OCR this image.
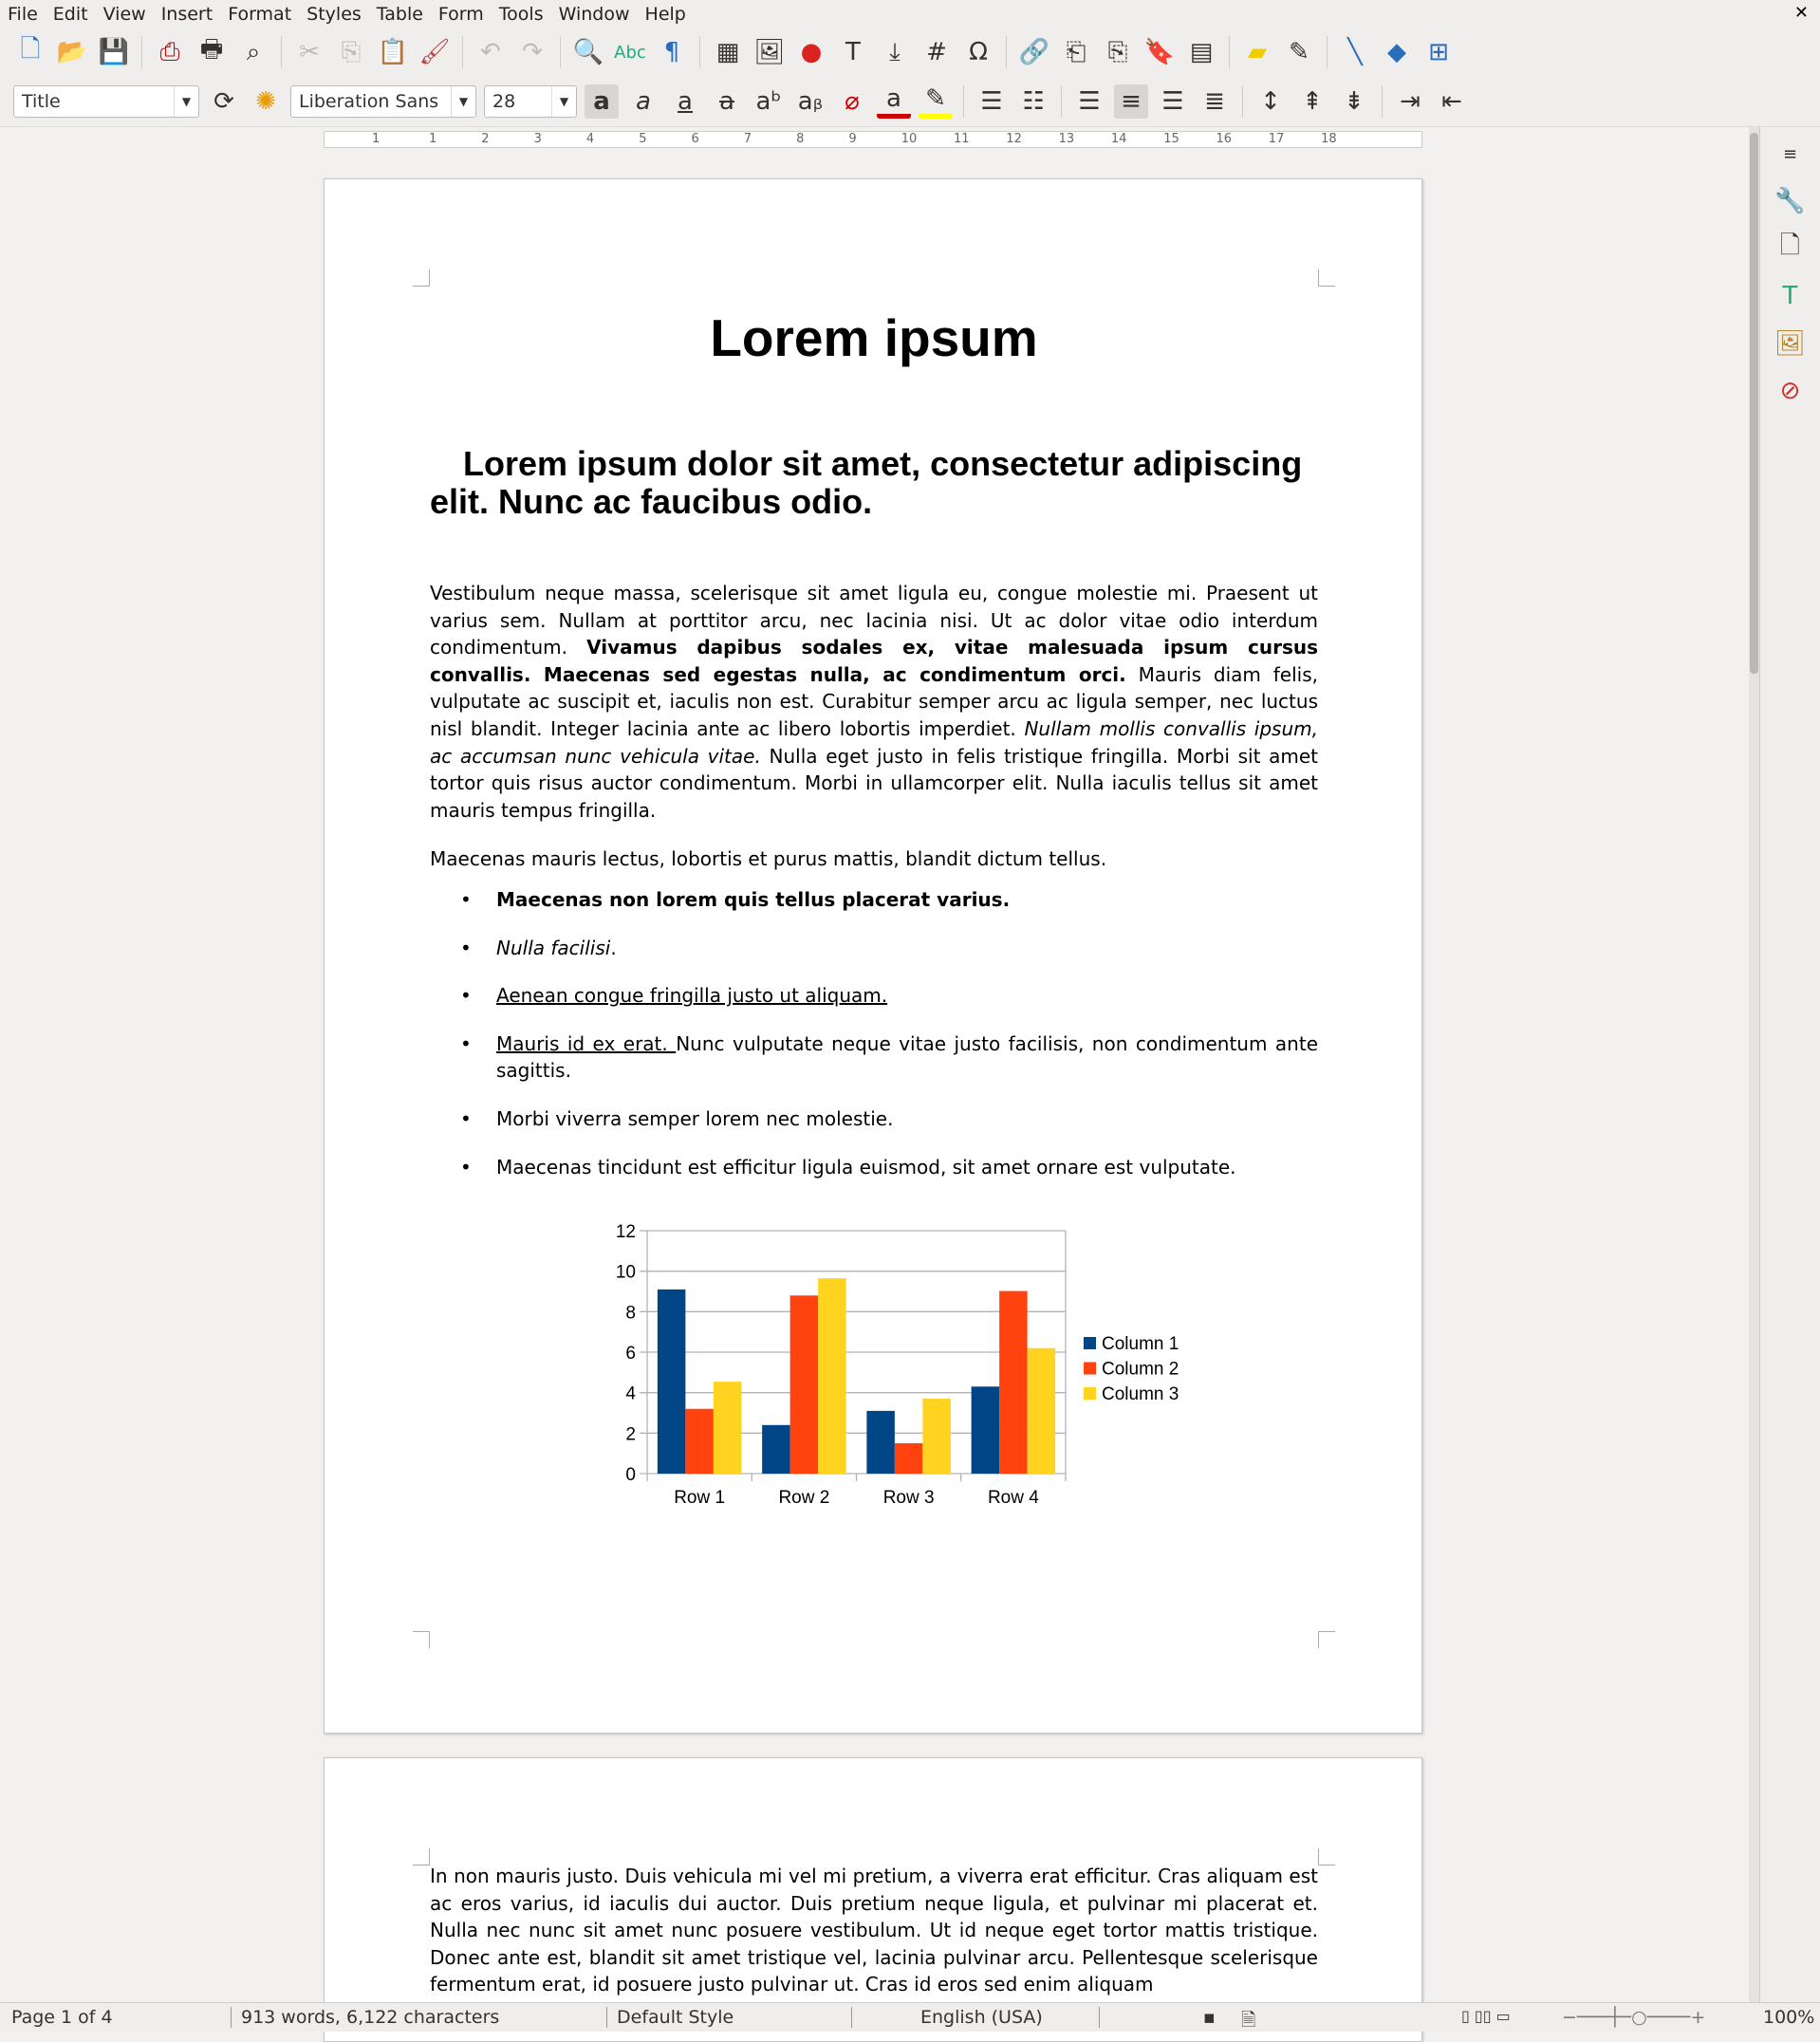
File Edit View Insert Format Styles Table Form Tools Window Help	✕
🗋 📂 💾 ⎙ 🖶 ⌕	✂ ⎘ 📋 🖌 ↶ ↷ 🔍 Abc ¶	▦ 🖼 ● T	⤓	# Ω	🔗 ⎗ ⎘ 🔖 ▤	▰ ✎	╲	◆ ⊞
Title	▼ ⟳ ✺	Liberation Sans	▼	28	▼	a	a	a	a aᵇ aᵦ ⌀	a ✎ ☰ ☷ ☰ ≡ ☰ ≣ ↕ ⇞ ⇟ ⇥ ⇤
1	1	2	3	4	5	6	7	8	9	10	11	12	13	14	15	16	17	18
Lorem ipsum
Lorem ipsum dolor sit amet, consectetur adipiscing elit. Nunc ac faucibus odio.

Vestibulum neque massa, scelerisque sit amet ligula eu, congue molestie mi. Praesent ut varius sem. Nullam at porttitor arcu, nec lacinia nisi. Ut ac dolor vitae odio interdum condimentum. Vivamus dapibus sodales ex, vitae malesuada ipsum cursus convallis. Maecenas sed egestas nulla, ac condimentum orci. Mauris diam felis, vulputate ac suscipit et, iaculis non est. Curabitur semper arcu ac ligula semper, nec luctus nisl blandit. Integer lacinia ante ac libero lobortis imperdiet. Nullam mollis convallis ipsum, ac accumsan nunc vehicula vitae. Nulla eget justo in felis tristique fringilla. Morbi sit amet tortor quis risus auctor condimentum. Morbi in ullamcorper elit. Nulla iaculis tellus sit amet mauris tempus fringilla.

Maecenas mauris lectus, lobortis et purus mattis, blandit dictum tellus.

• Maecenas non lorem quis tellus placerat varius.
• Nulla facilisi.
• Aenean congue fringilla justo ut aliquam.
• Mauris id ex erat. Nunc vulputate neque vitae justo facilisis, non condimentum ante sagittis.
• Morbi viverra semper lorem nec molestie.
• Maecenas tincidunt est efficitur ligula euismod, sit amet ornare est vulputate.
0
2
4
6
8
10
12
Row 1	Row 2	Row 3	Row 4
Column 1
Column 2
Column 3

In non mauris justo. Duis vehicula mi vel mi pretium, a viverra erat efficitur. Cras aliquam est ac eros varius, id iaculis dui auctor. Duis pretium neque ligula, et pulvinar mi placerat et. Nulla nec nunc sit amet nunc posuere vestibulum. Ut id neque eget tortor mattis tristique. Donec ante est, blandit sit amet tristique vel, lacinia pulvinar arcu. Pellentesque scelerisque fermentum erat, id posuere justo pulvinar ut. Cras id eros sed enim aliquam

≡
🔧
🗋
T
🖼
⊘
Page 1 of 4	913 words, 6,122 characters	Default Style	English (USA)	▪ 🗎	▯ ▯▯ ▭	−───┼─○────+	100%
